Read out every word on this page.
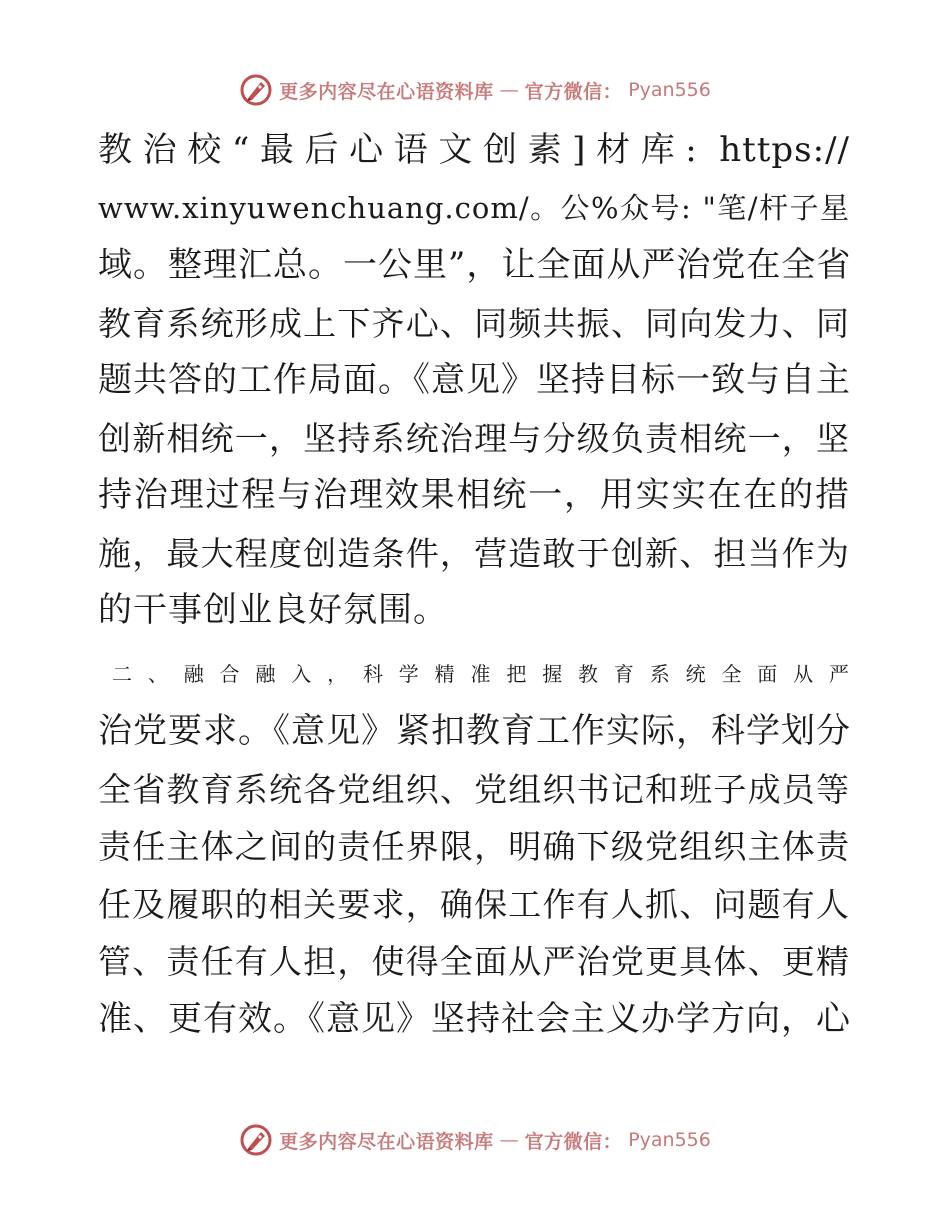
更多内容尽在心语资料库 — 官方微信： Pyan556
教治校“最后心语文创素]材库: https://
www.xinyuwenchuang.com/。公%众号: "笔/杆子星
域。整理汇总。一公里”，让全面从严治党在全省
教育系统形成上下齐心、同频共振、同向发力、同
题共答的工作局面。《意见》坚持目标一致与自主
创新相统一，坚持系统治理与分级负责相统一，坚
持治理过程与治理效果相统一，用实实在在的措
施，最大程度创造条件，营造敢于创新、担当作为
的干事创业良好氛围。
二、融合融入，科学精准把握教育系统全面从严
治党要求。《意见》紧扣教育工作实际，科学划分
全省教育系统各党组织、党组织书记和班子成员等
责任主体之间的责任界限，明确下级党组织主体责
任及履职的相关要求，确保工作有人抓、问题有人
管、责任有人担，使得全面从严治党更具体、更精
准、更有效。《意见》坚持社会主义办学方向，心
更多内容尽在心语资料库 — 官方微信： Pyan556
